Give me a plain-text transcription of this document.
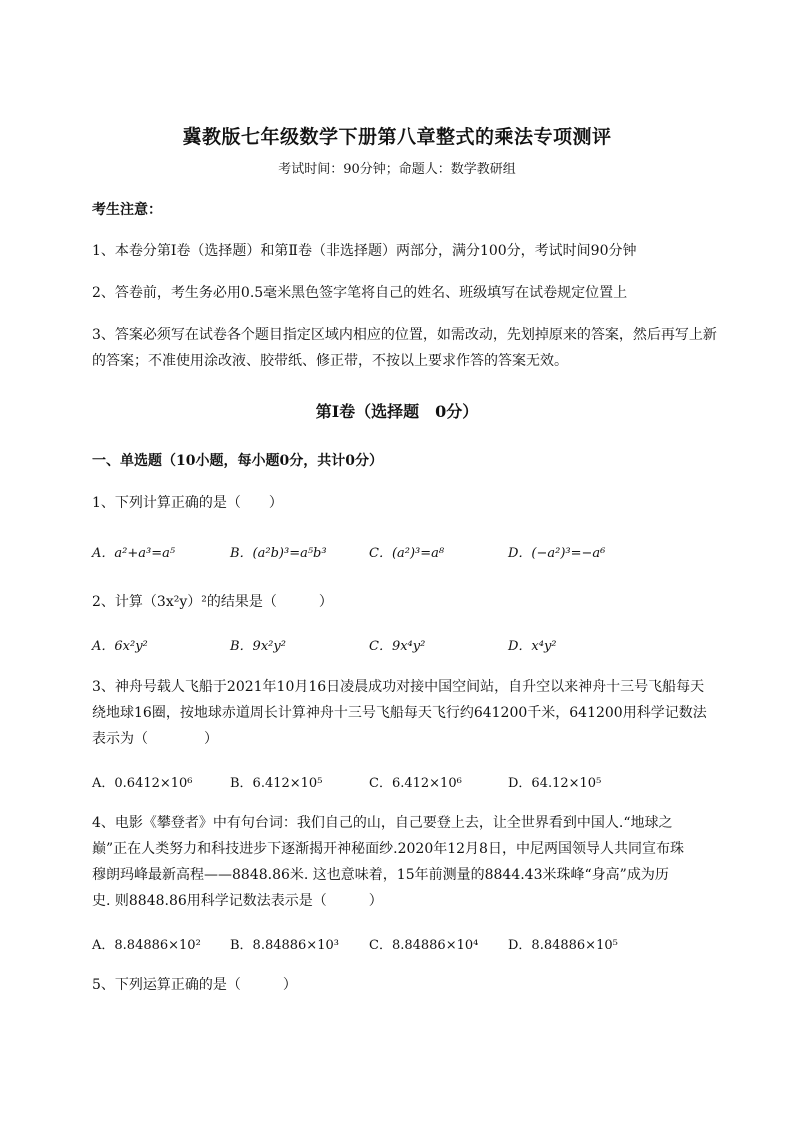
冀教版七年级数学下册第八章整式的乘法专项测评
考试时间：90分钟；命题人：数学教研组
考生注意：
1、本卷分第I卷（选择题）和第Ⅱ卷（非选择题）两部分，满分100分，考试时间90分钟
2、答卷前，考生务必用0.5毫米黑色签字笔将自己的姓名、班级填写在试卷规定位置上
3、答案必须写在试卷各个题目指定区域内相应的位置，如需改动，先划掉原来的答案，然后再写上新
的答案；不准使用涂改液、胶带纸、修正带，不按以上要求作答的答案无效。
第I卷（选择题　0分）
一、单选题（10小题，每小题0分，共计0分）
1、下列计算正确的是（　　）
A．a²+a³=a⁵	B．(a²b)³=a⁵b³	C．(a²)³=a⁸	D．(−a²)³=−a⁶
2、计算（3x²y）²的结果是（　　　）
A．6x²y²	B．9x²y²	C．9x⁴y²	D．x⁴y²
3、神舟号载人飞船于2021年10月16日凌晨成功对接中国空间站，自升空以来神舟十三号飞船每天
绕地球16圈，按地球赤道周长计算神舟十三号飞船每天飞行约641200千米，641200用科学记数法
表示为（　　　　）
A．0.6412×10⁶	B．6.412×10⁵	C．6.412×10⁶	D．64.12×10⁵
4、电影《攀登者》中有句台词：我们自己的山，自己要登上去，让全世界看到中国人.“地球之
巅”正在人类努力和科技进步下逐渐揭开神秘面纱.2020年12月8日，中尼两国领导人共同宣布珠
穆朗玛峰最新高程——8848.86米. 这也意味着，15年前测量的8844.43米珠峰“身高”成为历
史. 则8848.86用科学记数法表示是（　　　）
A．8.84886×10² B．8.84886×10³ C．8.84886×10⁴ D．8.84886×10⁵
5、下列运算正确的是（　　　）
